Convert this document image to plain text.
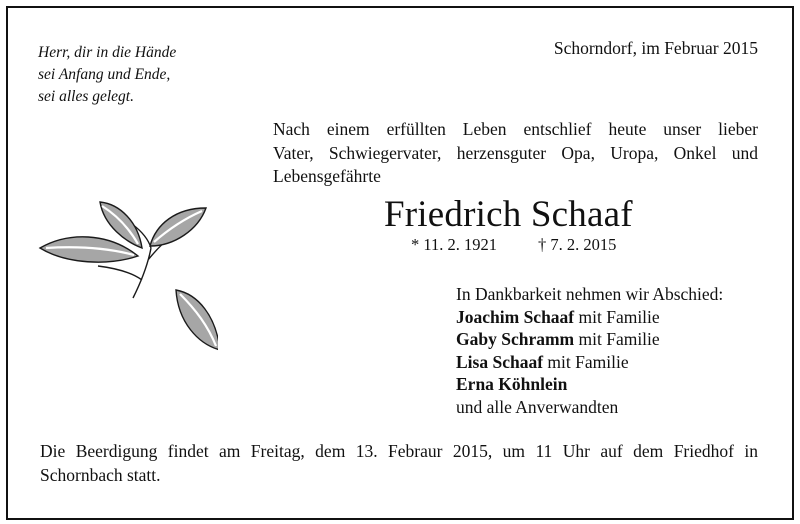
Herr, dir in die Hände
sei Anfang und Ende,
sei alles gelegt.
Schorndorf, im Februar 2015
Nach einem erfüllten Leben entschlief heute unser lieber
Vater, Schwiegervater, herzensguter Opa, Uropa, Onkel und
Lebensgefährte
Friedrich Schaaf
* 11. 2. 1921 † 7. 2. 2015
In Dankbarkeit nehmen wir Abschied:
Joachim Schaaf mit Familie
Gaby Schramm mit Familie
Lisa Schaaf mit Familie
Erna Köhnlein
und alle Anverwandten
Die Beerdigung findet am Freitag, dem 13. Febraur 2015, um 11 Uhr auf dem Friedhof in
Schornbach statt.
